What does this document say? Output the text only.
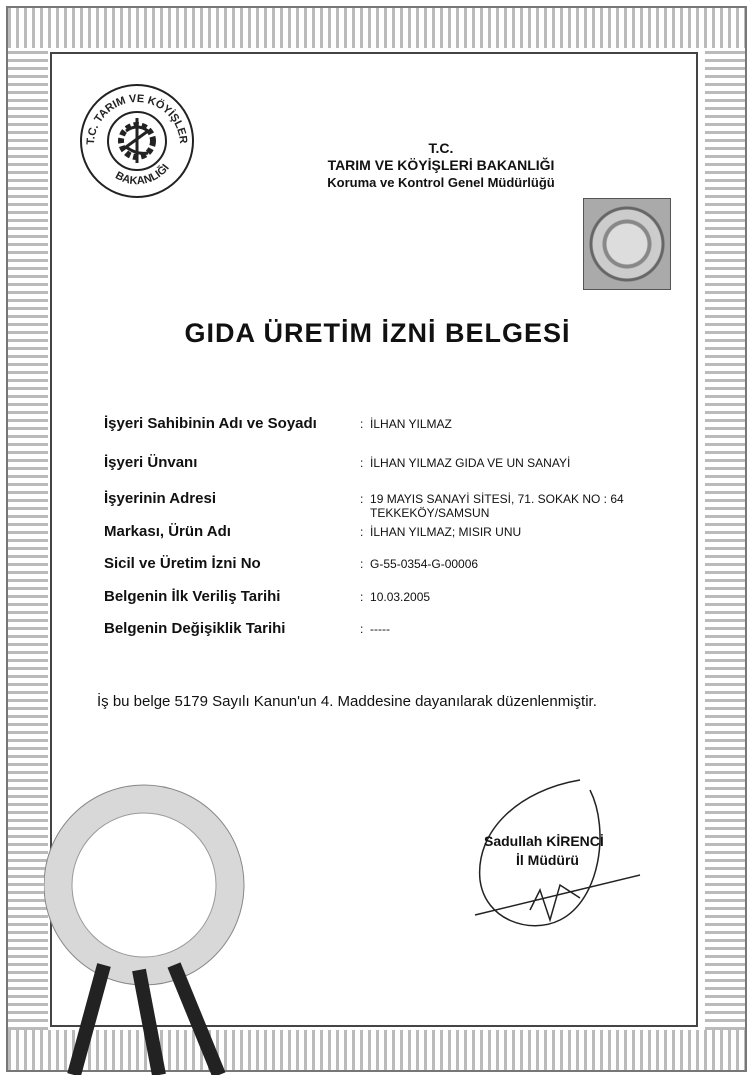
T.C. TARIM VE KÖYİŞLER
BAKANLIĞI
T.C.
TARIM VE KÖYİŞLERİ BAKANLIĞI
Koruma ve Kontrol Genel Müdürlüğü
GIDA ÜRETİM İZNİ BELGESİ
İşyeri Sahibinin Adı ve Soyadı	:  İLHAN YILMAZ
İşyeri Ünvanı	:  İLHAN YILMAZ GIDA VE UN SANAYİ
İşyerinin Adresi	:  19 MAYIS SANAYİ SİTESİ, 71. SOKAK NO : 64
TEKKEKÖY/SAMSUN
Markası, Ürün Adı	:  İLHAN YILMAZ; MISIR UNU
Sicil ve Üretim İzni No	:  G-55-0354-G-00006
Belgenin İlk Veriliş Tarihi	:  10.03.2005
Belgenin Değişiklik Tarihi	:  -----
İş bu belge 5179 Sayılı Kanun'un 4. Maddesine dayanılarak düzenlenmiştir.
Sadullah KİRENCİ
İl Müdürü
